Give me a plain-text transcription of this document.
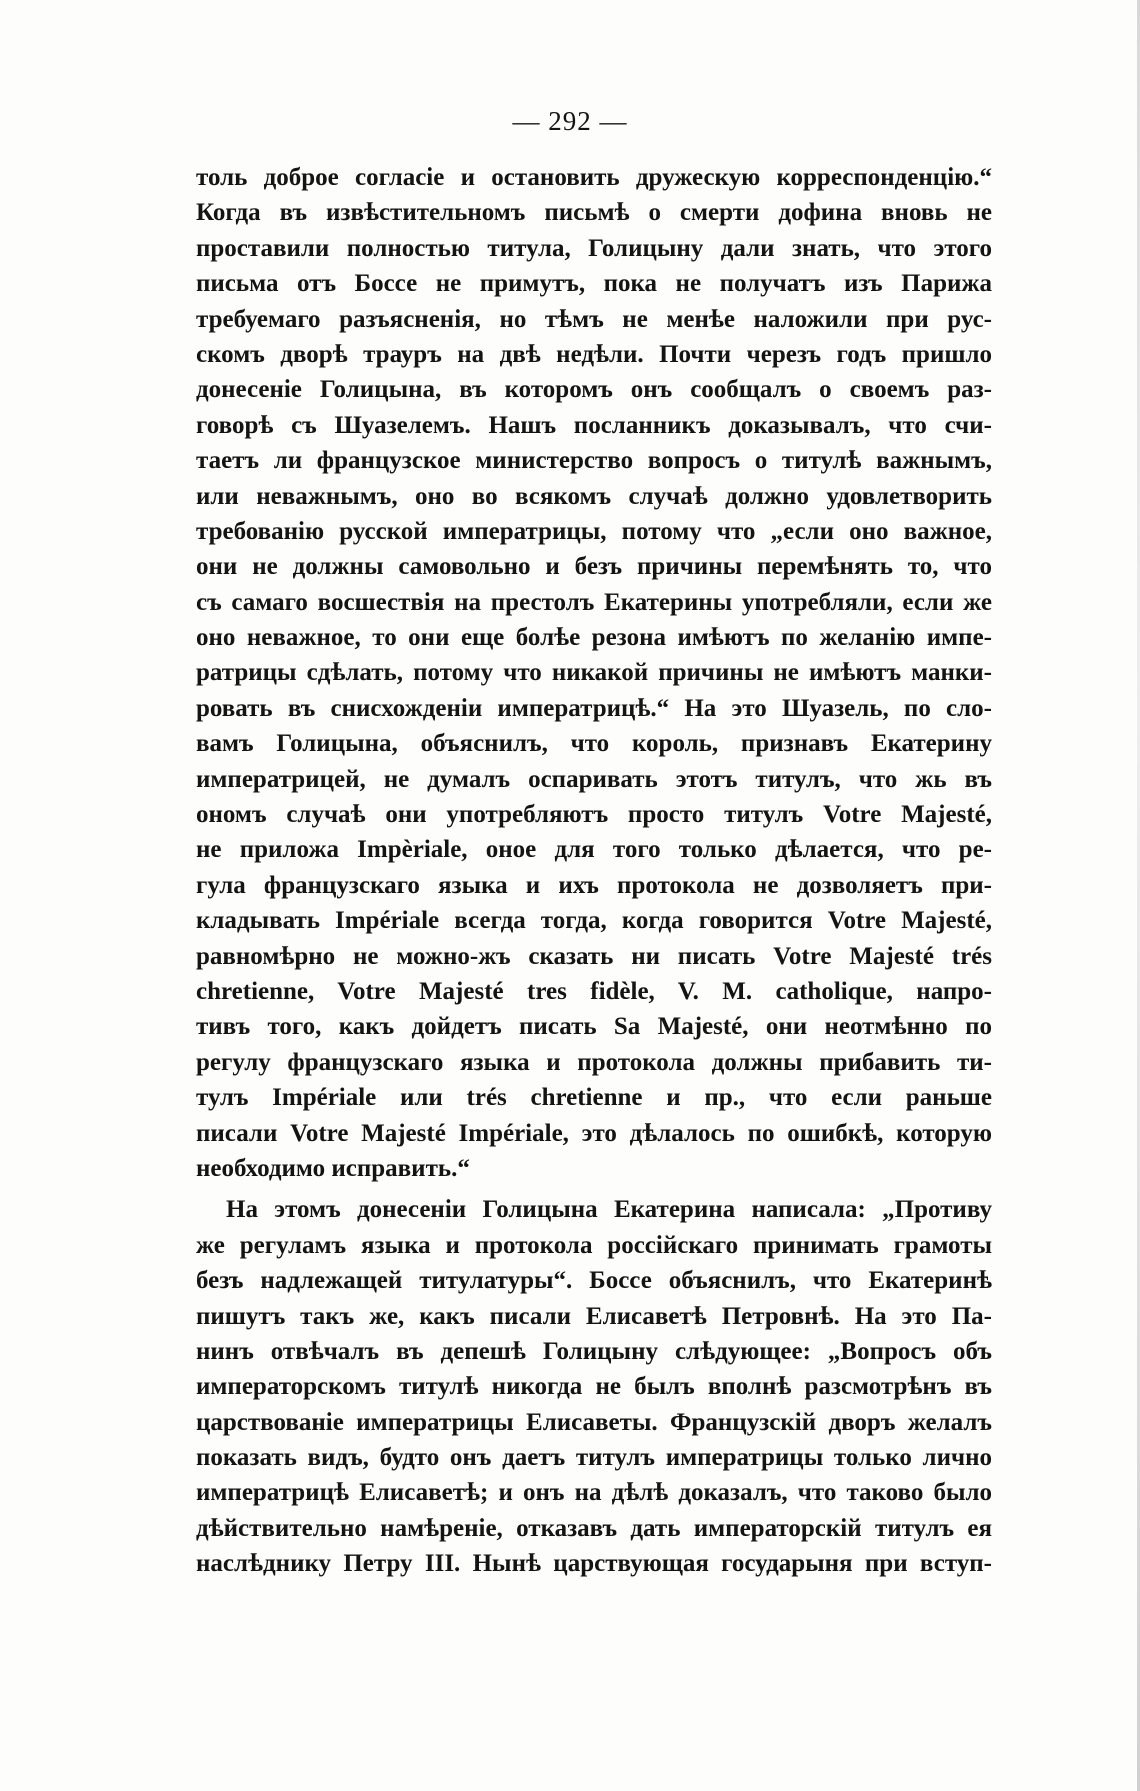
— 292 —
толь доброе согласіе и остановить дружескую корреспонденцію.“
Когда въ извѣстительномъ письмѣ о смерти дофина вновь не
проставили полностью титула, Голицыну дали знать, что этого
письма отъ Боссе не примутъ, пока не получатъ изъ Парижа
требуемаго разъясненія, но тѣмъ не менѣе наложили при рус-
скомъ дворѣ трауръ на двѣ недѣли. Почти черезъ годъ пришло
донесеніе Голицына, въ которомъ онъ сообщалъ о своемъ раз-
говорѣ съ Шуазелемъ. Нашъ посланникъ доказывалъ, что счи-
таетъ ли французское министерство вопросъ о титулѣ важнымъ,
или неважнымъ, оно во всякомъ случаѣ должно удовлетворить
требованію русской императрицы, потому что „если оно важное,
они не должны самовольно и безъ причины перемѣнять то, что
съ самаго восшествія на престолъ Екатерины употребляли, если же
оно неважное, то они еще болѣе резона имѣютъ по желанію импе-
ратрицы сдѣлать, потому что никакой причины не имѣютъ манки-
ровать въ снисхожденіи императрицѣ.“ На это Шуазель, по сло-
вамъ Голицына, объяснилъ, что король, признавъ Екатерину
императрицей, не думалъ оспаривать этотъ титулъ, что жь въ
ономъ случаѣ они употребляютъ просто титулъ Votre Majesté,
не приложа Impèriale, оное для того только дѣлается, что ре-
гула французскаго языка и ихъ протокола не дозволяетъ при-
кладывать Impériale всегда тогда, когда говорится Votre Majesté,
равномѣрно не можно-жъ сказать ни писать Votre Majesté trés
chretienne, Votre Majesté tres fidèle, V. M. catholique, напро-
тивъ того, какъ дойдетъ писать Sa Majesté, они неотмѣнно по
регулу французскаго языка и протокола должны прибавить ти-
тулъ Impériale или trés chretienne и пр., что если раньше
писали Votre Majesté Impériale, это дѣлалось по ошибкѣ, которую
необходимо исправить.“
На этомъ донесеніи Голицына Екатерина написала: „Противу
же регуламъ языка и протокола россійскаго принимать грамоты
безъ надлежащей титулатуры“. Боссе объяснилъ, что Екатеринѣ
пишутъ такъ же, какъ писали Елисаветѣ Петровнѣ. На это Па-
нинъ отвѣчалъ въ депешѣ Голицыну слѣдующее: „Вопросъ объ
императорскомъ титулѣ никогда не былъ вполнѣ разсмотрѣнъ въ
царствованіе императрицы Елисаветы. Французскій дворъ желалъ
показать видъ, будто онъ даетъ титулъ императрицы только лично
императрицѣ Елисаветѣ; и онъ на дѣлѣ доказалъ, что таково было
дѣйствительно намѣреніе, отказавъ дать императорскій титулъ ея
наслѣднику Петру III. Нынѣ царствующая государыня при вступ-
